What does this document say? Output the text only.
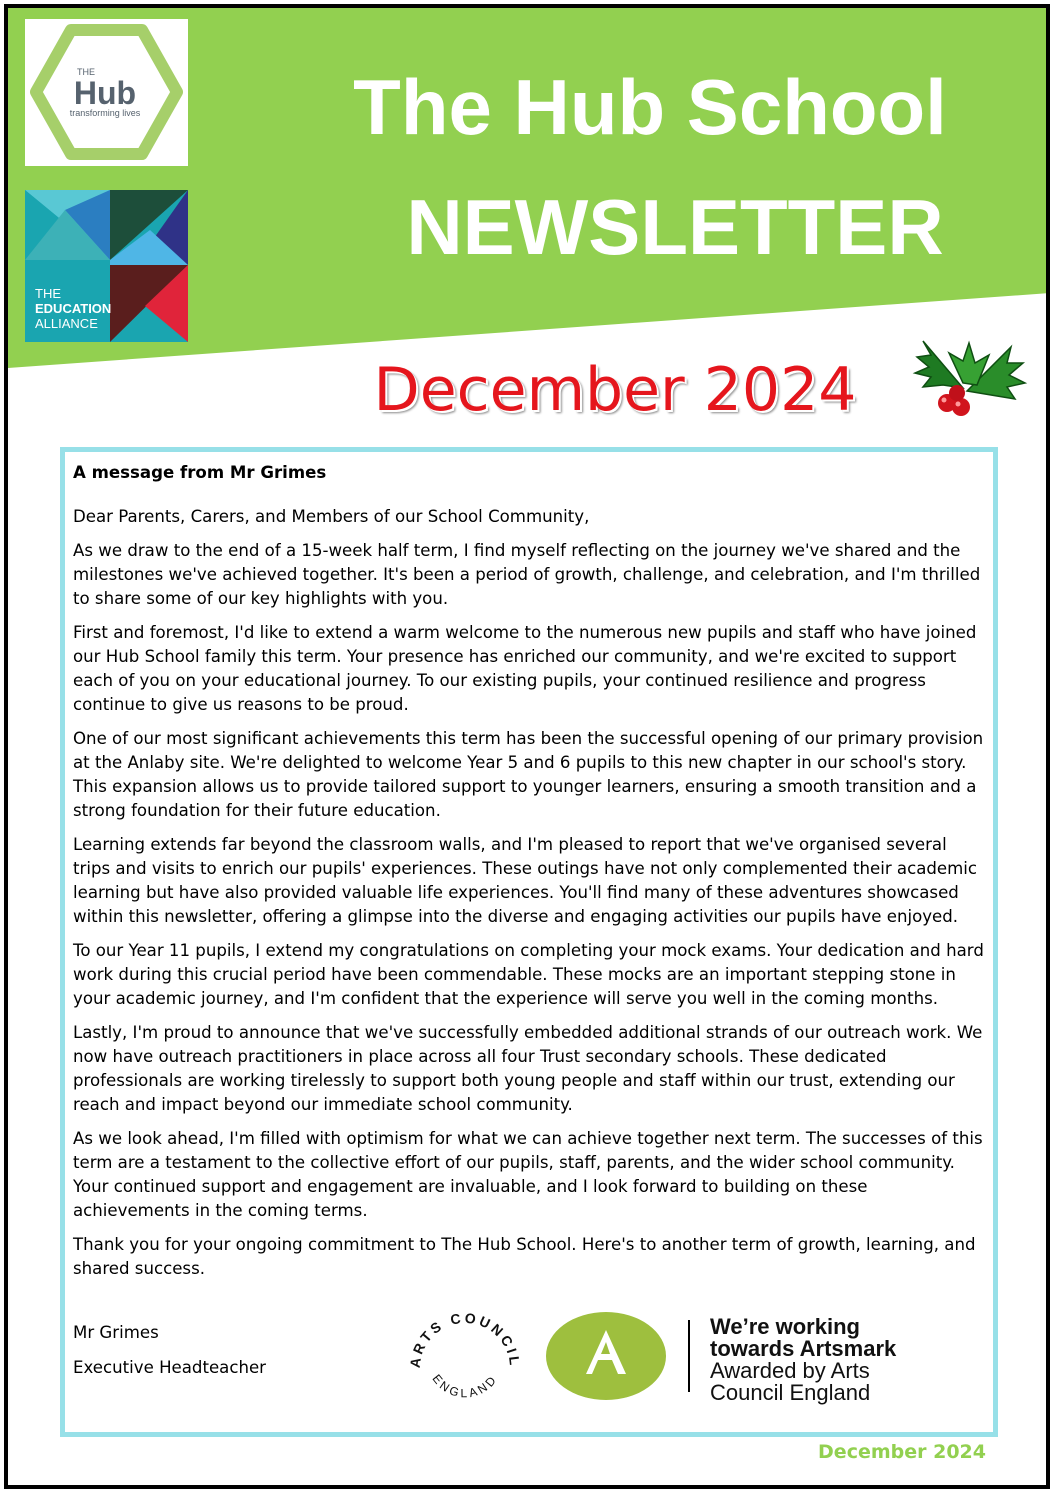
THE
Hub
transforming lives
THE
EDUCATION
ALLIANCE
The Hub School
NEWSLETTER
December 2024

A message from Mr Grimes

Dear Parents, Carers, and Members of our School Community,

As we draw to the end of a 15-week half term, I find myself reflecting on the journey we've shared and the milestones we've achieved together. It's been a period of growth, challenge, and celebration, and I'm thrilled to share some of our key highlights with you.

First and foremost, I'd like to extend a warm welcome to the numerous new pupils and staff who have joined our Hub School family this term. Your presence has enriched our community, and we're excited to support each of you on your educational journey. To our existing pupils, your continued resilience and progress continue to give us reasons to be proud.

One of our most significant achievements this term has been the successful opening of our primary provision at the Anlaby site. We're delighted to welcome Year 5 and 6 pupils to this new chapter in our school's story. This expansion allows us to provide tailored support to younger learners, ensuring a smooth transition and a strong foundation for their future education.

Learning extends far beyond the classroom walls, and I'm pleased to report that we've organised several trips and visits to enrich our pupils' experiences. These outings have not only complemented their academic learning but have also provided valuable life experiences. You'll find many of these adventures showcased within this newsletter, offering a glimpse into the diverse and engaging activities our pupils have enjoyed.

To our Year 11 pupils, I extend my congratulations on completing your mock exams. Your dedication and hard work during this crucial period have been commendable. These mocks are an important stepping stone in your academic journey, and I'm confident that the experience will serve you well in the coming months.

Lastly, I'm proud to announce that we've successfully embedded additional strands of our outreach work. We now have outreach practitioners in place across all four Trust secondary schools. These dedicated professionals are working tirelessly to support both young people and staff within our trust, extending our reach and impact beyond our immediate school community.

As we look ahead, I'm filled with optimism for what we can achieve together next term. The successes of this term are a testament to the collective effort of our pupils, staff, parents, and the wider school community. Your continued support and engagement are invaluable, and I look forward to building on these achievements in the coming terms.

Thank you for your ongoing commitment to The Hub School. Here's to another term of growth, learning, and shared success.

Mr Grimes
Executive Headteacher	ARTS COUNCIL
ENGLAND
We’re working
towards Artsmark
Awarded by Arts
Council England
December 2024
